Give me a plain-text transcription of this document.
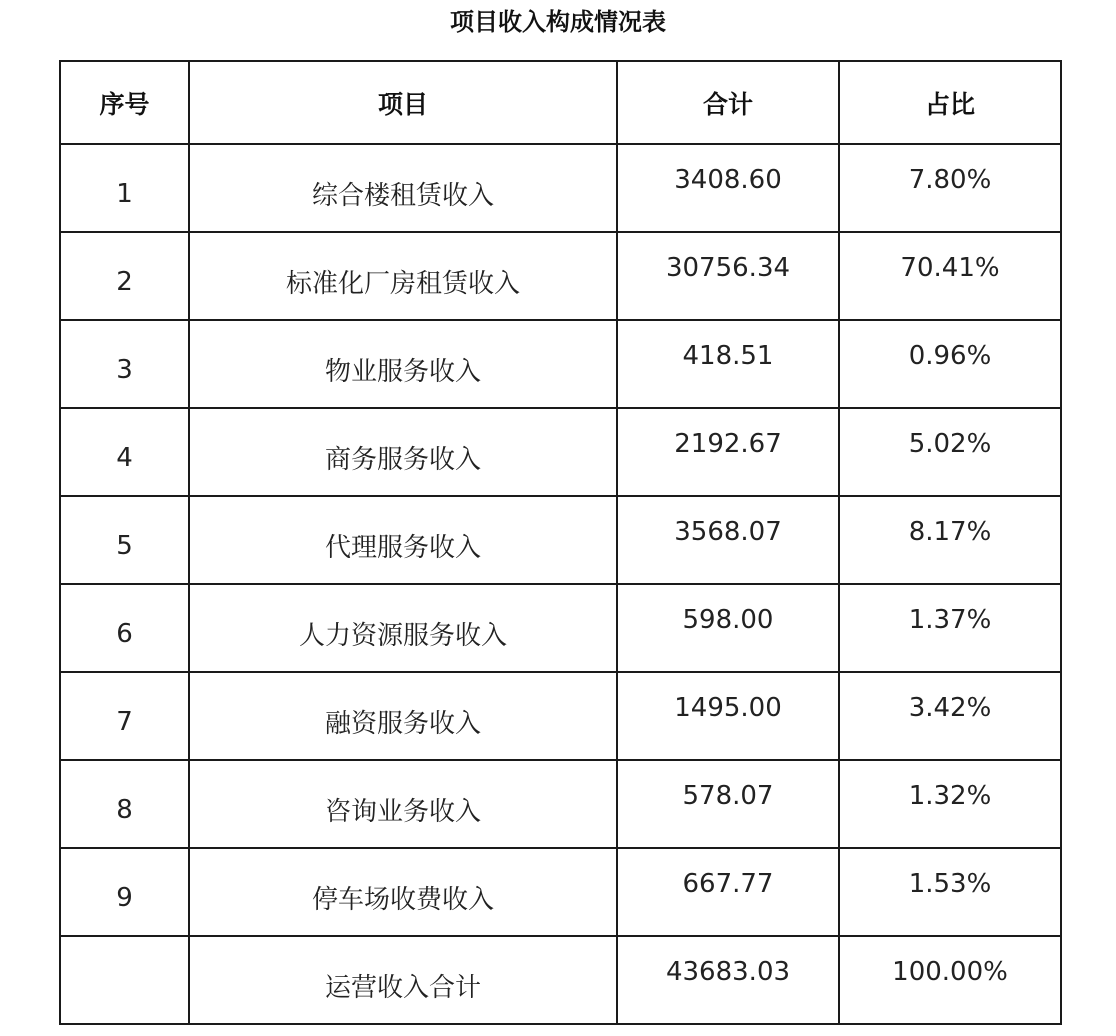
项目收入构成情况表
序号	项目	合计	占比
1	综合楼租赁收入	3408.60	7.80%
2	标准化厂房租赁收入	30756.34	70.41%
3	物业服务收入	418.51	0.96%
4	商务服务收入	2192.67	5.02%
5	代理服务收入	3568.07	8.17%
6	人力资源服务收入	598.00	1.37%
7	融资服务收入	1495.00	3.42%
8	咨询业务收入	578.07	1.32%
9	停车场收费收入	667.77	1.53%
	运营收入合计	43683.03	100.00%
